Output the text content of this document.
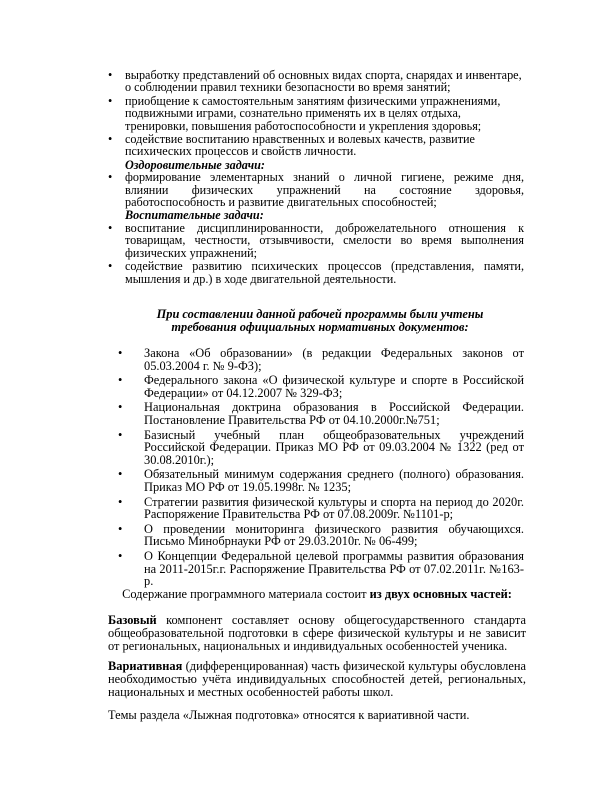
• выработку представлений об основных видах спорта, снарядах и инвентаре, о соблюдении правил техники безопасности во время занятий;
• приобщение к самостоятельным занятиям физическими упражнениями, подвижными играми, сознательно применять их в целях отдыха, тренировки, повышения работоспособности и укрепления здоровья;
• содействие воспитанию нравственных и волевых качеств, развитие психических процессов и свойств личности.

Оздоровительные задачи:

• формирование элементарных знаний о личной гигиене, режиме дня, влиянии физических упражнений на состояние здоровья, работоспособность и развитие двигательных способностей;

Воспитательные задачи:

• воспитание дисциплинированности, доброжелательного отношения к товарищам, честности, отзывчивости, смелости во время выполнения физических упражнений;
• содействие развитию психических процессов (представления, памяти, мышления и др.) в ходе двигательной деятельности.
При составлении данной рабочей программы были учтены требования официальных нормативных документов:
• Закона «Об образовании» (в редакции Федеральных законов от 05.03.2004 г. № 9-ФЗ);
• Федерального закона «О физической культуре и спорте в Российской Федерации» от 04.12.2007 № 329-ФЗ;
• Национальная доктрина образования в Российской Федерации. Постановление Правительства РФ от 04.10.2000г.№751;
• Базисный учебный план общеобразовательных учреждений Российской Федерации. Приказ МО РФ от 09.03.2004 № 1322 (ред от 30.08.2010г.);
• Обязательный минимум содержания среднего (полного) образования. Приказ МО РФ от 19.05.1998г. № 1235;
• Стратегии развития физической культуры и спорта на период до 2020г. Распоряжение Правительства РФ от 07.08.2009г. №1101-р;
• О проведении мониторинга физического развития обучающихся. Письмо Минобрнауки РФ от 29.03.2010г. № 06-499;
• О Концепции Федеральной целевой программы развития образования на 2011-2015г.г. Распоряжение Правительства РФ от 07.02.2011г. №163-р.

Содержание программного материала состоит из двух основных частей:

Базовый компонент составляет основу общегосударственного стандарта общеобразовательной подготовки в сфере физической культуры и не зависит от региональных, национальных и индивидуальных особенностей ученика.

Вариативная (дифференцированная) часть физической культуры обусловлена необходимостью учёта индивидуальных способностей детей, региональных, национальных и местных особенностей работы школ.

Темы раздела «Лыжная подготовка» относятся к вариативной части.
